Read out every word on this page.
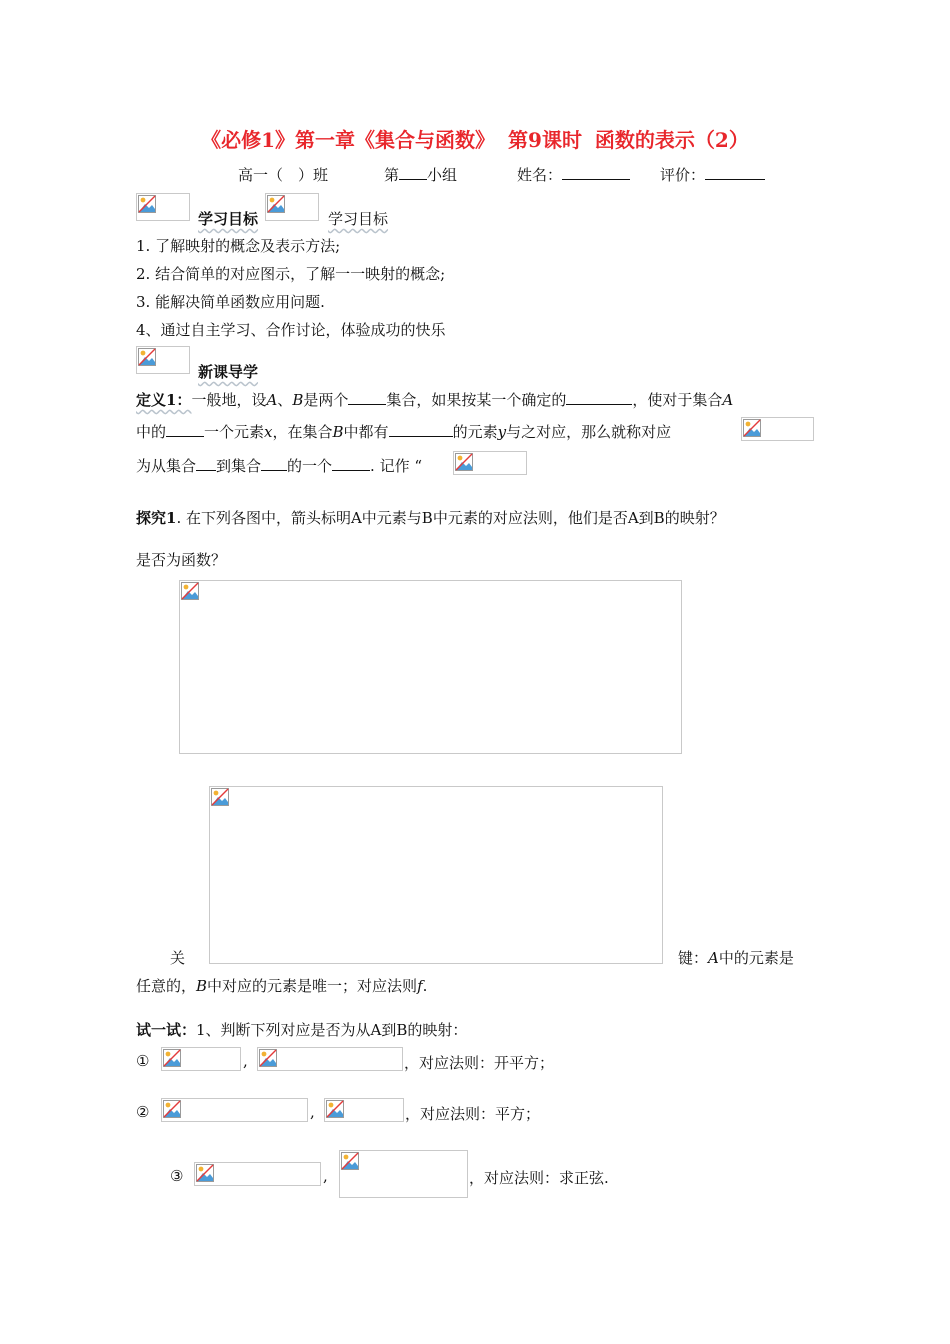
《必修1》第一章《集合与函数》 第9课时 函数的表示（2）
高一（　）班	第 小组	姓名：	评价：
学习目标	学习目标
1. 了解映射的概念及表示方法;
2. 结合简单的对应图示，了解一一映射的概念;
3. 能解决简单函数应用问题.
4、通过自主学习、合作讨论，体验成功的快乐
新课导学
定义1：一般地，设A、B是两个	集合，如果按某一个确定的	，使对于集合A
中的	一个元素x，在集合B中都有	的元素y与之对应，那么就称对应
为从集合 到集合 的一个	. 记作 “
探究1. 在下列各图中，箭头标明A中元素与B中元素的对应法则，他们是否A到B的映射？
是否为函数？
关	键：A中的元素是
任意的，B中对应的元素是唯一；对应法则f.
试一试：1、判断下列对应是否为从A到B的映射：
①	,	，对应法则：开平方；
②	,	，对应法则：平方；
③	,	，对应法则：求正弦.
